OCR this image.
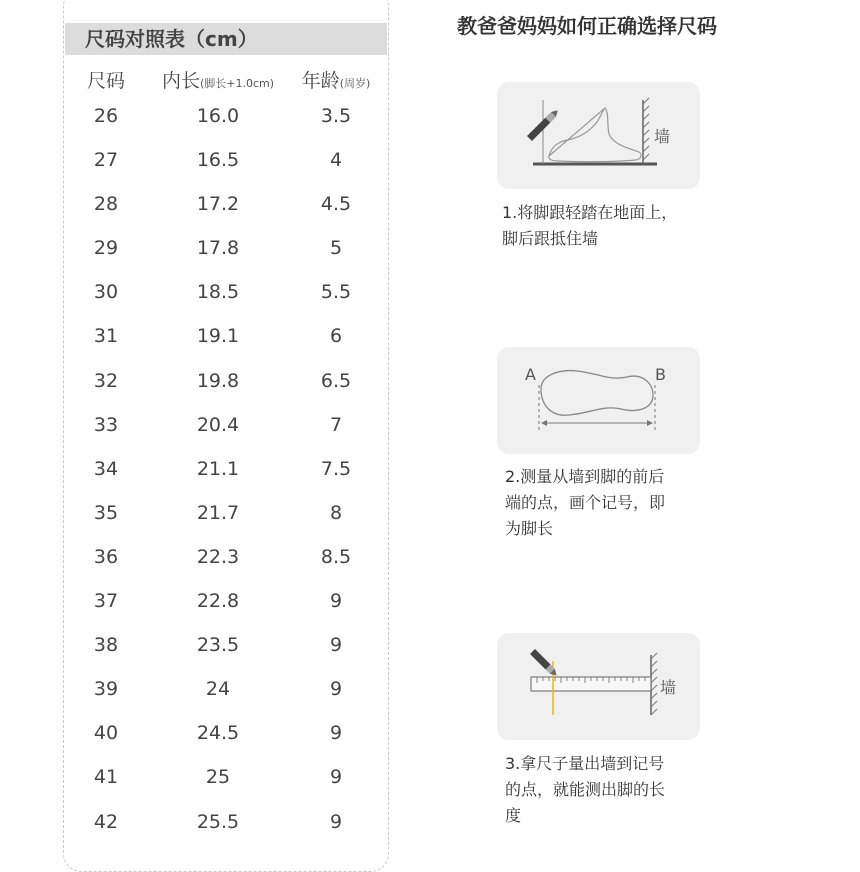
尺码对照表（cm）
尺码	内长(脚长+1.0cm)	年龄(周岁)
26	16.0	3.5
27	16.5	4
28	17.2	4.5
29	17.8	5
30	18.5	5.5
31	19.1	6
32	19.8	6.5
33	20.4	7
34	21.1	7.5
35	21.7	8
36	22.3	8.5
37	22.8	9
38	23.5	9
39	24	9
40	24.5	9
41	25	9
42	25.5	9
教爸爸妈妈如何正确选择尺码
墙
1.将脚跟轻踏在地面上，
脚后跟抵住墙
A	B
2.测量从墙到脚的前后
端的点，画个记号，即
为脚长
墙
3.拿尺子量出墙到记号
的点，就能测出脚的长
度
